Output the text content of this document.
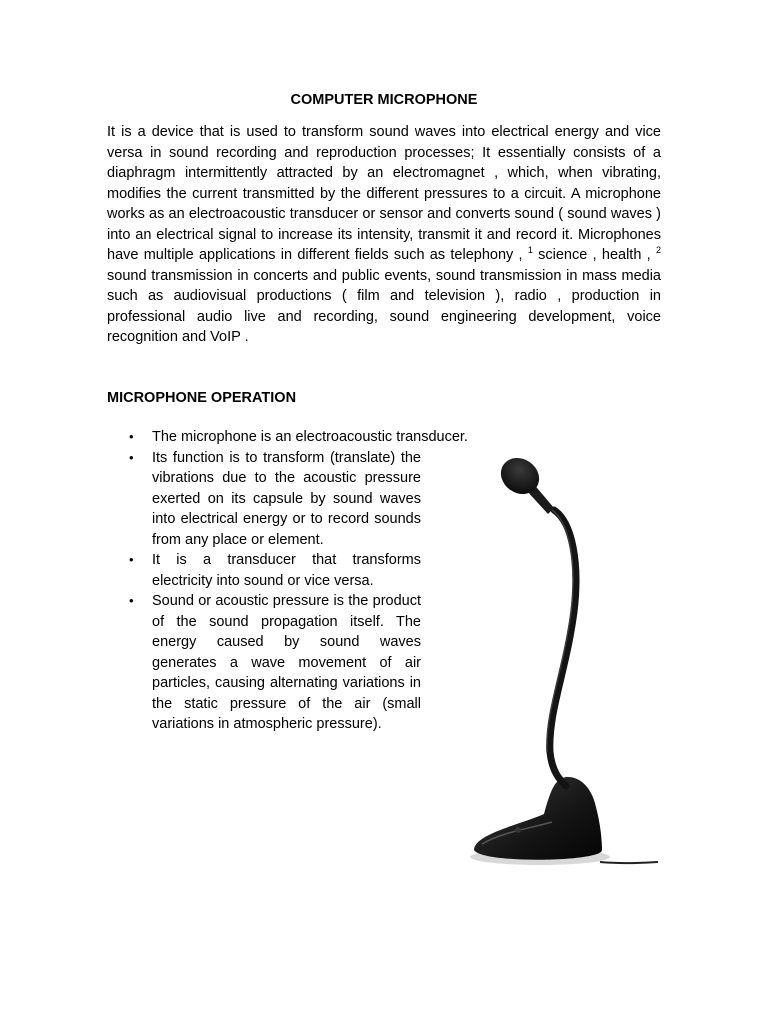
COMPUTER MICROPHONE

It is a device that is used to transform sound waves into electrical energy and vice versa in sound recording and reproduction processes; It essentially consists of a diaphragm intermittently attracted by an electromagnet , which, when vibrating, modifies the current transmitted by the different pressures to a circuit. A microphone works as an electroacoustic transducer or sensor and converts sound ( sound waves ) into an electrical signal to increase its intensity, transmit it and record it. Microphones have multiple applications in different fields such as telephony , $^1$ science , health , $^2$ sound transmission in concerts and public events, sound transmission in mass media such as audiovisual productions ( film and television ), radio , production in professional audio live and recording, sound engineering development, voice recognition and VoIP .

MICROPHONE OPERATION
• The microphone is an electroacoustic transducer.
• Its function is to transform (translate) the vibrations due to the acoustic pressure exerted on its capsule by sound waves into electrical energy or to record sounds from any place or element.
• It is a transducer that transforms electricity into sound or vice versa.
• Sound or acoustic pressure is the product of the sound propagation itself. The energy caused by sound waves generates a wave movement of air particles, causing alternating variations in the static pressure of the air (small variations in atmospheric pressure).
